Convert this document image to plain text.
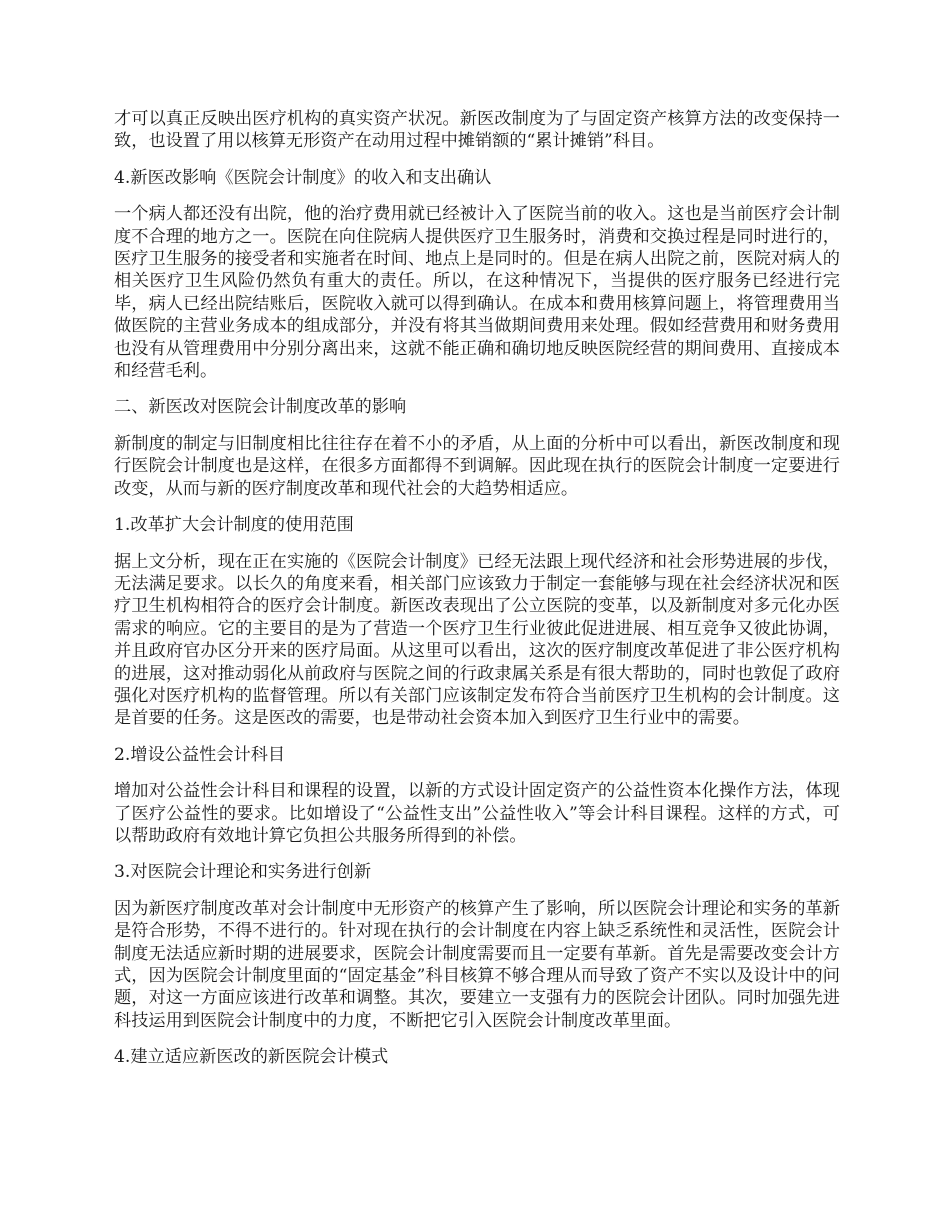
才可以真正反映出医疗机构的真实资产状况。新医改制度为了与固定资产核算方法的改变保持一致，也设置了用以核算无形资产在动用过程中摊销额的“累计摊销”科目。

4.新医改影响《医院会计制度》的收入和支出确认

一个病人都还没有出院，他的治疗费用就已经被计入了医院当前的收入。这也是当前医疗会计制度不合理的地方之一。医院在向住院病人提供医疗卫生服务时，消费和交换过程是同时进行的，医疗卫生服务的接受者和实施者在时间、地点上是同时的。但是在病人出院之前，医院对病人的相关医疗卫生风险仍然负有重大的责任。所以，在这种情况下，当提供的医疗服务已经进行完毕，病人已经出院结账后，医院收入就可以得到确认。在成本和费用核算问题上，将管理费用当做医院的主营业务成本的组成部分，并没有将其当做期间费用来处理。假如经营费用和财务费用也没有从管理费用中分别分离出来，这就不能正确和确切地反映医院经营的期间费用、直接成本和经营毛利。

二、新医改对医院会计制度改革的影响

新制度的制定与旧制度相比往往存在着不小的矛盾，从上面的分析中可以看出，新医改制度和现行医院会计制度也是这样，在很多方面都得不到调解。因此现在执行的医院会计制度一定要进行改变，从而与新的医疗制度改革和现代社会的大趋势相适应。

1.改革扩大会计制度的使用范围

据上文分析，现在正在实施的《医院会计制度》已经无法跟上现代经济和社会形势进展的步伐，无法满足要求。以长久的角度来看，相关部门应该致力于制定一套能够与现在社会经济状况和医疗卫生机构相符合的医疗会计制度。新医改表现出了公立医院的变革，以及新制度对多元化办医需求的响应。它的主要目的是为了营造一个医疗卫生行业彼此促进进展、相互竞争又彼此协调，并且政府官办区分开来的医疗局面。从这里可以看出，这次的医疗制度改革促进了非公医疗机构的进展，这对推动弱化从前政府与医院之间的行政隶属关系是有很大帮助的，同时也敦促了政府强化对医疗机构的监督管理。所以有关部门应该制定发布符合当前医疗卫生机构的会计制度。这是首要的任务。这是医改的需要，也是带动社会资本加入到医疗卫生行业中的需要。

2.增设公益性会计科目

增加对公益性会计科目和课程的设置，以新的方式设计固定资产的公益性资本化操作方法，体现了医疗公益性的要求。比如增设了“公益性支出”公益性收入”等会计科目课程。这样的方式，可以帮助政府有效地计算它负担公共服务所得到的补偿。

3.对医院会计理论和实务进行创新

因为新医疗制度改革对会计制度中无形资产的核算产生了影响，所以医院会计理论和实务的革新是符合形势，不得不进行的。针对现在执行的会计制度在内容上缺乏系统性和灵活性，医院会计制度无法适应新时期的进展要求，医院会计制度需要而且一定要有革新。首先是需要改变会计方式，因为医院会计制度里面的“固定基金”科目核算不够合理从而导致了资产不实以及设计中的问题，对这一方面应该进行改革和调整。其次，要建立一支强有力的医院会计团队。同时加强先进科技运用到医院会计制度中的力度，不断把它引入医院会计制度改革里面。

4.建立适应新医改的新医院会计模式
